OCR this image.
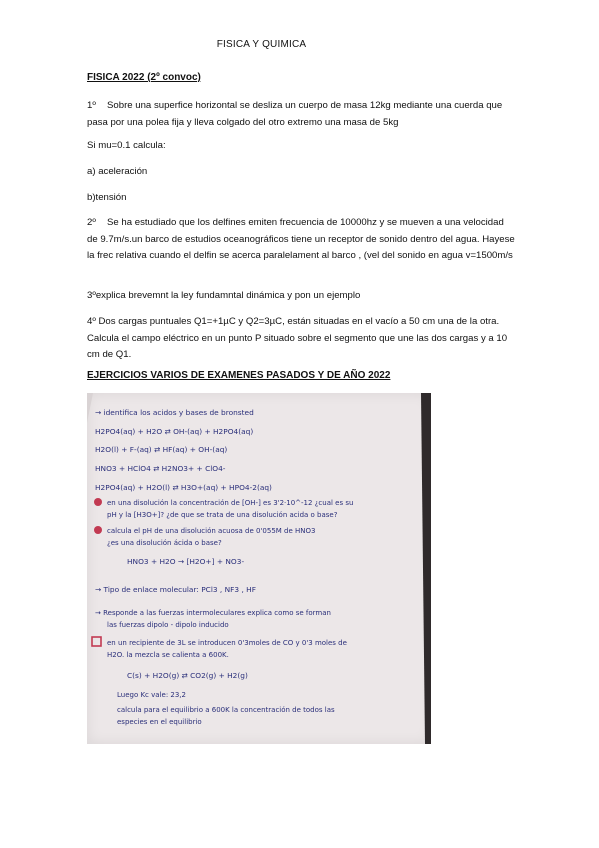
FISICA Y QUIMICA
FISICA 2022 (2º convoc)
1º Sobre una superfice horizontal se desliza un cuerpo de masa 12kg mediante una cuerda que pasa por una polea fija y lleva colgado del otro extremo una masa de 5kg
Si mu=0.1 calcula:
a) aceleración
b)tensión
2º Se ha estudiado que los delfines emiten frecuencia de 10000hz y se mueven a una velocidad de 9.7m/s.un barco de estudios oceanográficos tiene un receptor de sonido dentro del agua. Hayese la frec relativa cuando el delfin se acerca paralelament al barco , (vel del sonido en agua v=1500m/s
3ºexplica brevemnt la ley fundamntal dinámica y pon un ejemplo
4º Dos cargas puntuales Q1=+1µC y Q2=3µC, están situadas en el vacío a 50 cm una de la otra. Calcula el campo eléctrico en un punto P situado sobre el segmento que une las dos cargas y a 10 cm de Q1.
EJERCICIOS VARIOS DE EXAMENES PASADOS Y DE AÑO 2022
→ identifica los acidos y bases de bronsted
H2PO4(aq) + H2O ⇄ OH-(aq) + H2PO4(aq)
H2O(l) + F-(aq) ⇄ HF(aq) + OH-(aq)
HNO3 + HClO4 ⇄ H2NO3+ + ClO4-
H2PO4(aq) + H2O(l) ⇄ H3O+(aq) + HPO4-2(aq)
en una disolución la concentración de [OH-] es 3'2·10^-12 ¿cual es su
pH y la [H3O+]? ¿de que se trata de una disolución acida o base?
calcula el pH de una disolución acuosa de 0'055M de HNO3
¿es una disolución ácida o base?
HNO3 + H2O → [H2O+] + NO3-
→ Tipo de enlace molecular: PCl3 , NF3 , HF
→ Responde a las fuerzas intermoleculares explica como se forman
las fuerzas dipolo - dipolo inducido
en un recipiente de 3L se introducen 0'3moles de CO y 0'3 moles de
H2O. la mezcla se calienta a 600K.
C(s) + H2O(g) ⇄ CO2(g) + H2(g)
Luego Kc vale: 23,2
calcula para el equilibrio a 600K la concentración de todos las
especies en el equilibrio
